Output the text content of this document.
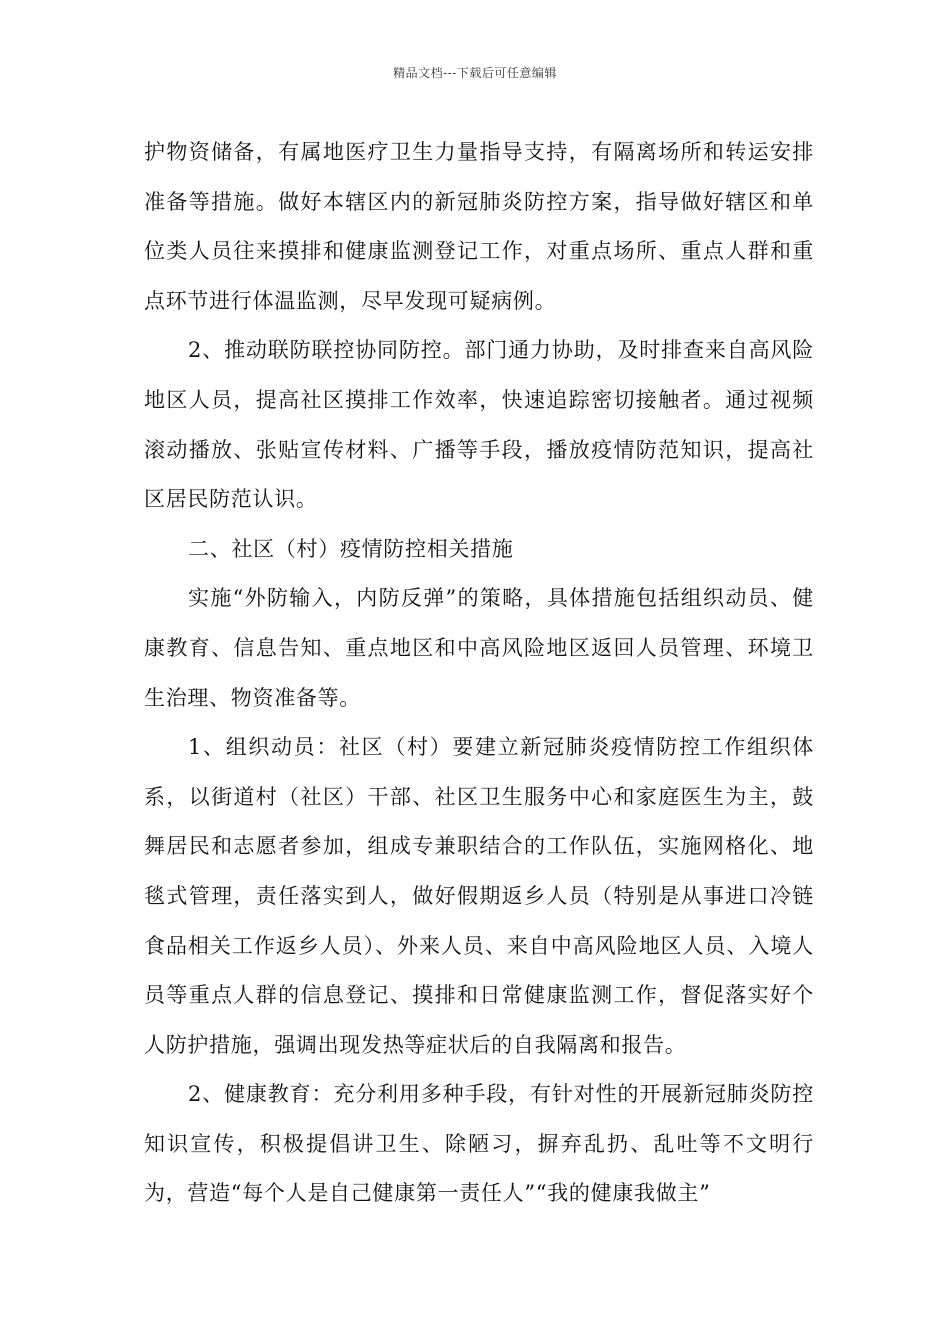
精品文档---下载后可任意编辑

护物资储备，有属地医疗卫生力量指导支持，有隔离场所和转运安排准备等措施。做好本辖区内的新冠肺炎防控方案，指导做好辖区和单位类人员往来摸排和健康监测登记工作，对重点场所、重点人群和重点环节进行体温监测，尽早发现可疑病例。

2、推动联防联控协同防控。部门通力协助，及时排查来自高风险地区人员，提高社区摸排工作效率，快速追踪密切接触者。通过视频滚动播放、张贴宣传材料、广播等手段，播放疫情防范知识，提高社区居民防范认识。

二、社区（村）疫情防控相关措施

实施“外防输入，内防反弹”的策略，具体措施包括组织动员、健康教育、信息告知、重点地区和中高风险地区返回人员管理、环境卫生治理、物资准备等。

1、组织动员：社区（村）要建立新冠肺炎疫情防控工作组织体系，以街道村（社区）干部、社区卫生服务中心和家庭医生为主，鼓舞居民和志愿者参加，组成专兼职结合的工作队伍，实施网格化、地毯式管理，责任落实到人，做好假期返乡人员（特别是从事进口冷链食品相关工作返乡人员）、外来人员、来自中高风险地区人员、入境人员等重点人群的信息登记、摸排和日常健康监测工作，督促落实好个人防护措施，强调出现发热等症状后的自我隔离和报告。

2、健康教育：充分利用多种手段，有针对性的开展新冠肺炎防控知识宣传，积极提倡讲卫生、除陋习，摒弃乱扔、乱吐等不文明行为，营造“每个人是自己健康第一责任人”“我的健康我做主”
